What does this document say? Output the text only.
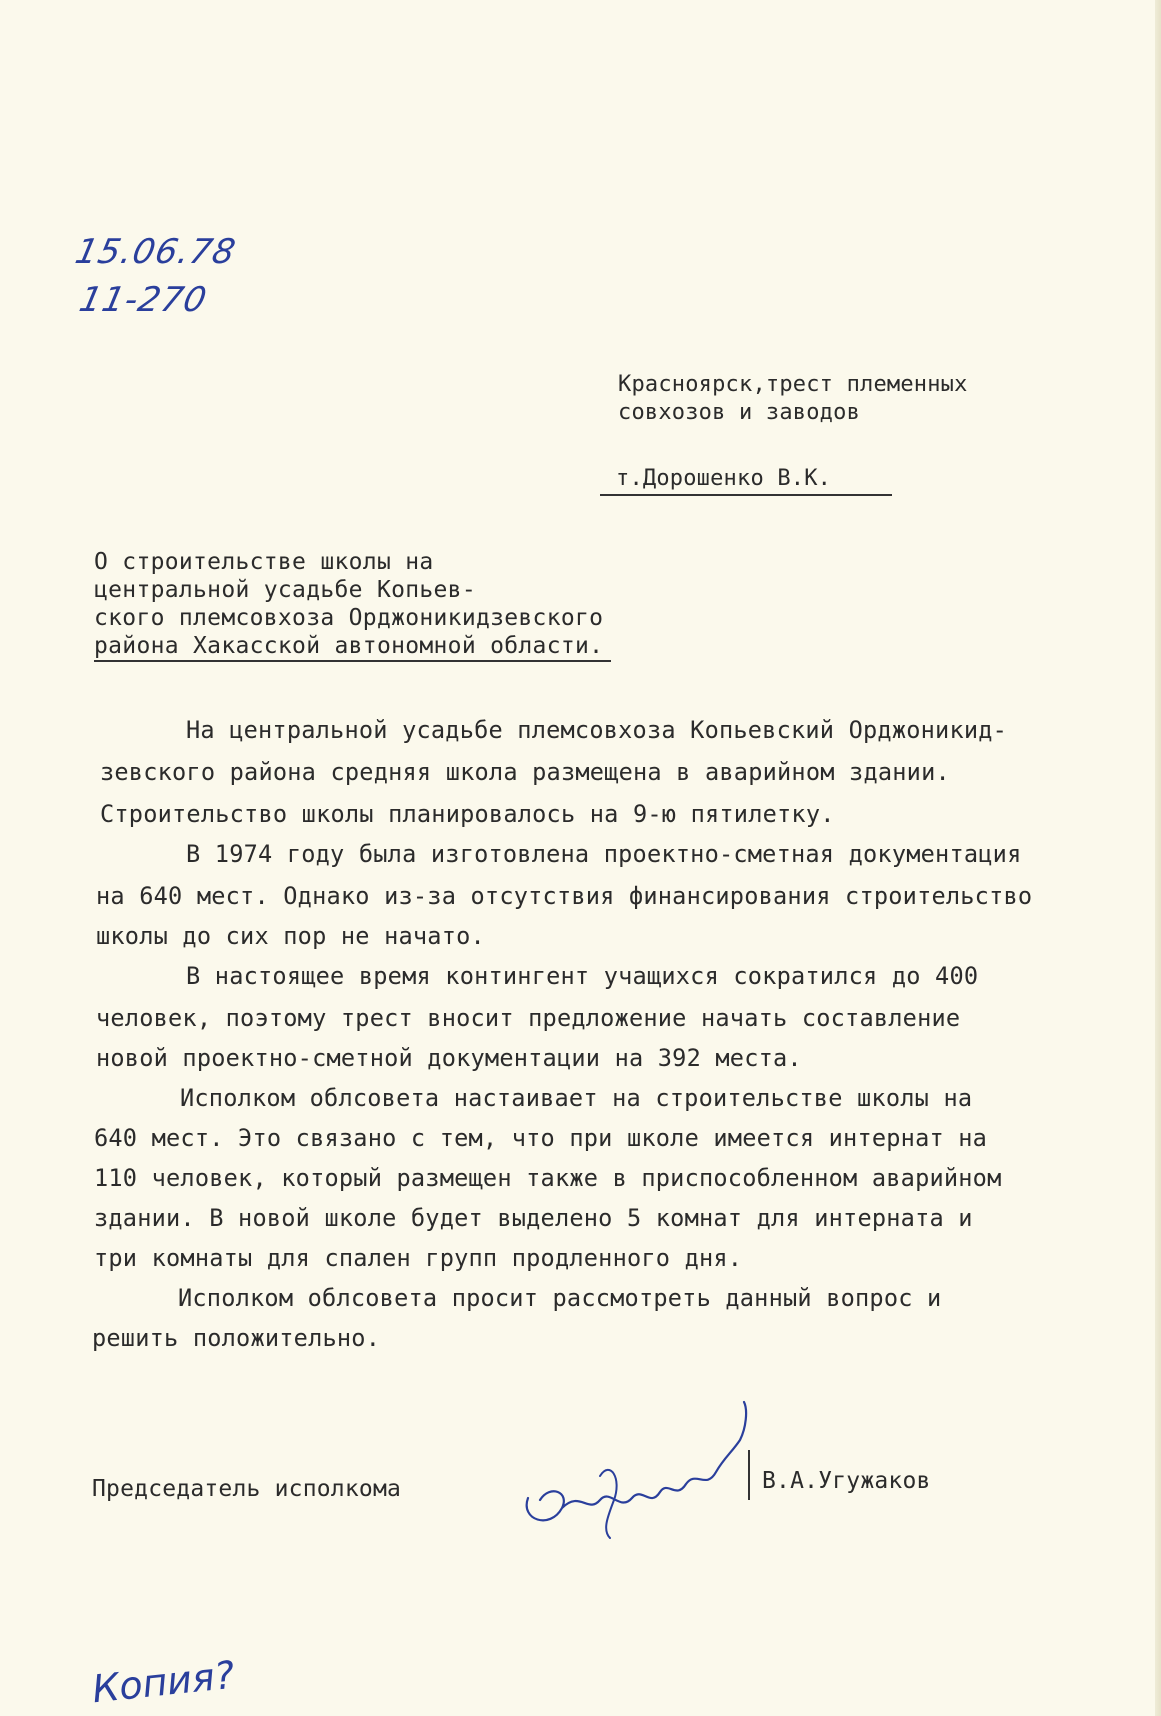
15.06.78
11-270
Красноярск,трест племенных
совхозов и заводов
т.Дорошенко В.К.
О строительстве школы на
центральной усадьбе Копьев-
ского племсовхоза Орджоникидзевского
района Хакасской автономной области.
На центральной усадьбе племсовхоза Копьевский Орджоникид-
зевского района средняя школа размещена в аварийном здании.
Строительство школы планировалось на 9-ю пятилетку.
В 1974 году была изготовлена проектно-сметная документация
на 640 мест. Однако из-за отсутствия финансирования строительство
школы до сих пор не начато.
В настоящее время контингент учащихся сократился до 400
человек, поэтому трест вносит предложение начать составление
новой проектно-сметной документации на 392 места.
Исполком облсовета настаивает на строительстве школы на
640 мест. Это связано с тем, что при школе имеется интернат на
110 человек, который размещен также в приспособленном аварийном
здании. В новой школе будет выделено 5 комнат для интерната и
три комнаты для спален групп продленного дня.
Исполком облсовета просит рассмотреть данный вопрос и
решить положительно.
Председатель исполкома	В.А.Угужаков
Копия?
